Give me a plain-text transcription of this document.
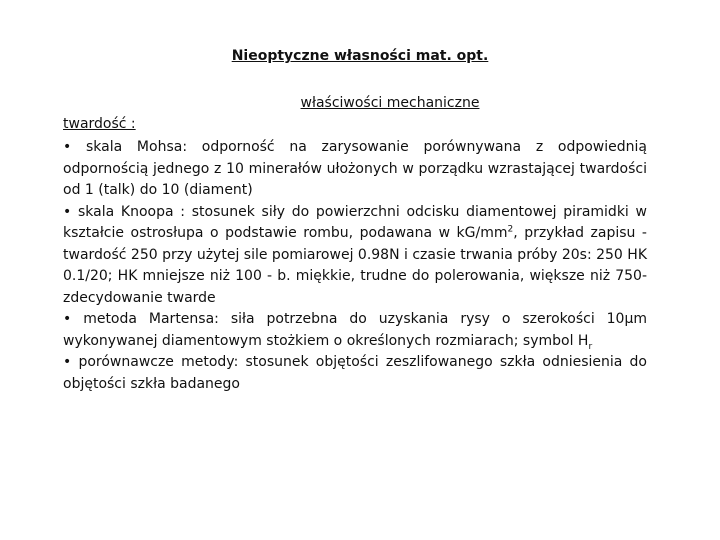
Nieoptyczne własności mat. opt.
właściwości mechaniczne
twardość :

• skala Mohsa: odporność na zarysowanie porównywana z odpowiednią odpornością jednego z 10 minerałów ułożonych w porządku wzrastającej twardości od 1 (talk) do 10 (diament)

• skala Knoopa : stosunek siły do powierzchni odcisku diamentowej piramidki w kształcie ostrosłupa o podstawie rombu, podawana w $kG/mm^2$, przykład zapisu - twardość 250 przy użytej sile pomiarowej 0.98N i czasie trwania próby 20s: 250 HK 0.1/20; HK mniejsze niż 100 - b. miękkie, trudne do polerowania, większe niż 750- zdecydowanie twarde

• metoda Martensa: siła potrzebna do uzyskania rysy o szerokości 10μm wykonywanej diamentowym stożkiem o określonych rozmiarach; symbol $H_r$

• porównawcze metody: stosunek objętości zeszlifowanego szkła odniesienia do objętości szkła badanego
